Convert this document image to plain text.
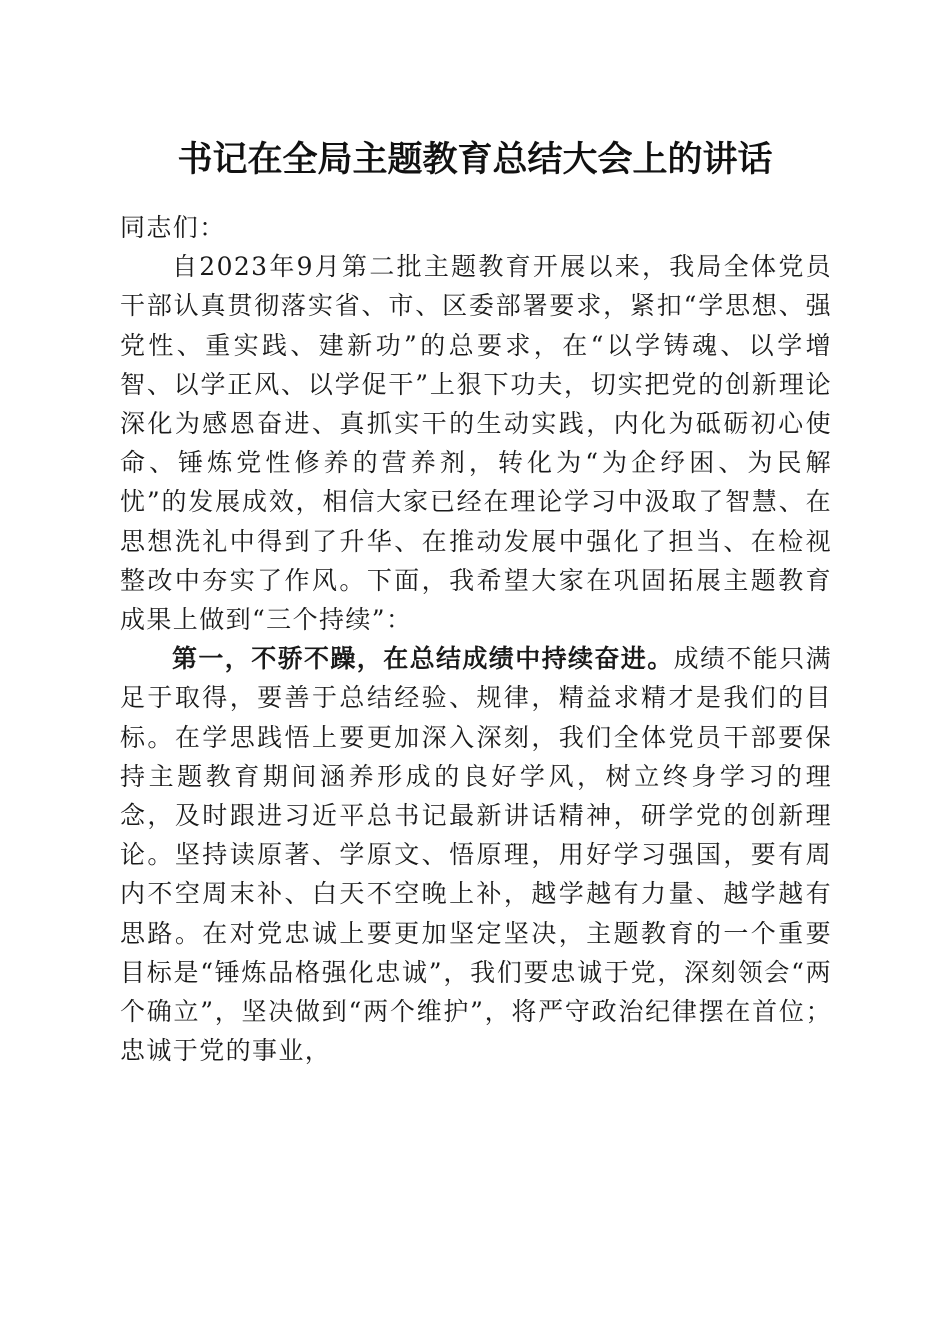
书记在全局主题教育总结大会上的讲话

同志们：

自2023年9月第二批主题教育开展以来，我局全体党员干部认真贯彻落实省、市、区委部署要求，紧扣“学思想、强党性、重实践、建新功”的总要求，在“以学铸魂、以学增智、以学正风、以学促干”上狠下功夫，切实把党的创新理论深化为感恩奋进、真抓实干的生动实践，内化为砥砺初心使命、锤炼党性修养的营养剂，转化为“为企纾困、为民解忧”的发展成效，相信大家已经在理论学习中汲取了智慧、在思想洗礼中得到了升华、在推动发展中强化了担当、在检视整改中夯实了作风。下面，我希望大家在巩固拓展主题教育成果上做到“三个持续”：

第一，不骄不躁，在总结成绩中持续奋进。成绩不能只满足于取得，要善于总结经验、规律，精益求精才是我们的目标。在学思践悟上要更加深入深刻，我们全体党员干部要保持主题教育期间涵养形成的良好学风，树立终身学习的理念，及时跟进习近平总书记最新讲话精神，研学党的创新理论。坚持读原著、学原文、悟原理，用好学习强国，要有周内不空周末补、白天不空晚上补，越学越有力量、越学越有思路。在对党忠诚上要更加坚定坚决，主题教育的一个重要目标是“锤炼品格强化忠诚”，我们要忠诚于党，深刻领会“两个确立”，坚决做到“两个维护”，将严守政治纪律摆在首位；忠诚于党的事业，
